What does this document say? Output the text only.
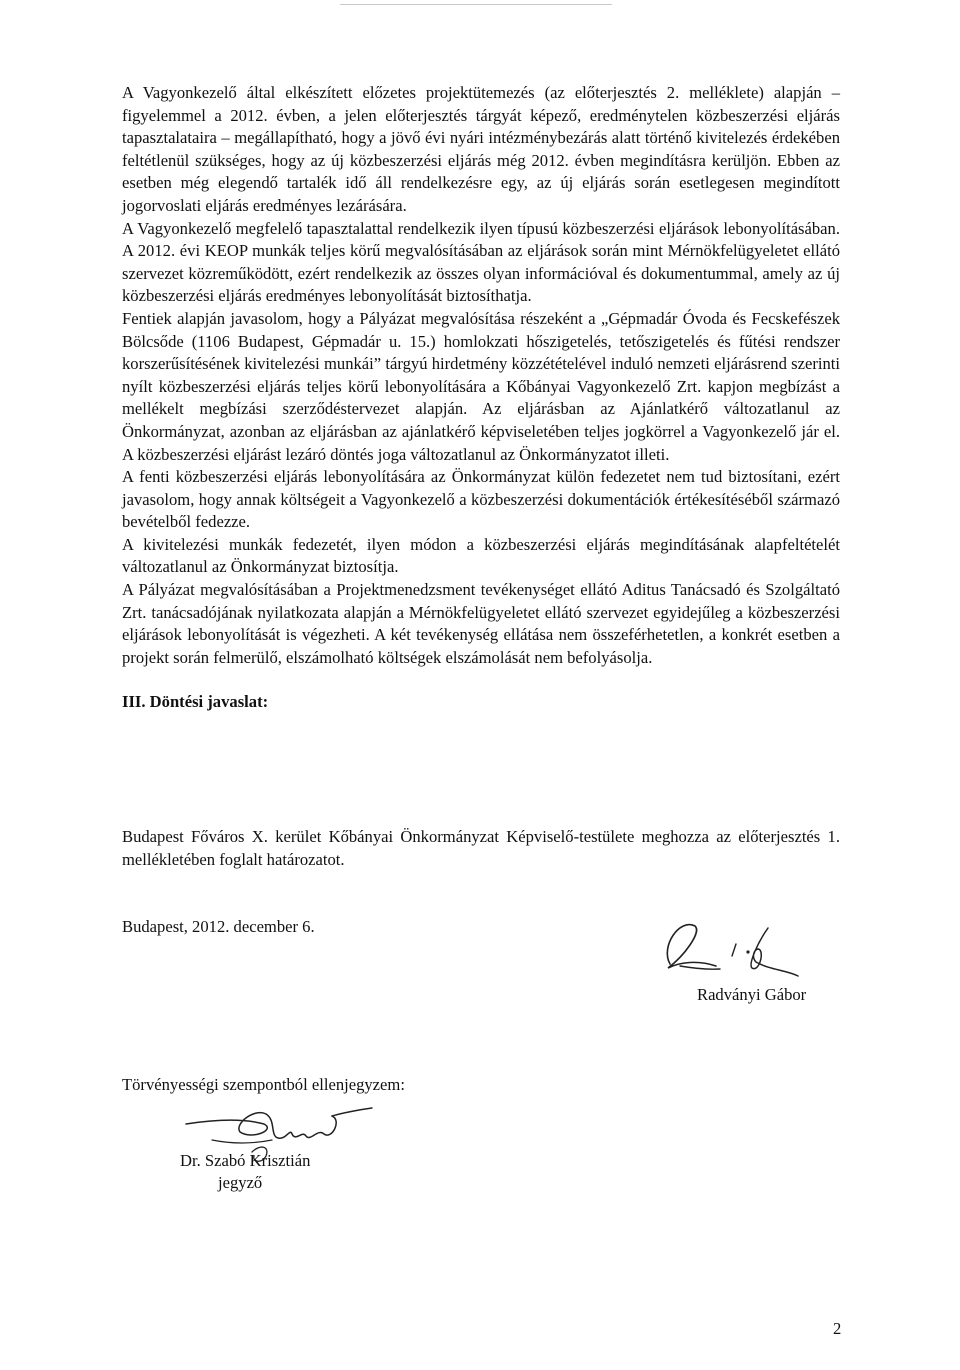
A Vagyonkezelő által elkészített előzetes projektütemezés (az előterjesztés 2. melléklete) alapján – figyelemmel a 2012. évben, a jelen előterjesztés tárgyát képező, eredménytelen közbeszerzési eljárás tapasztalataira – megállapítható, hogy a jövő évi nyári intézménybezárás alatt történő kivitelezés érdekében feltétlenül szükséges, hogy az új közbeszerzési eljárás még 2012. évben megindításra kerüljön. Ebben az esetben még elegendő tartalék idő áll rendelkezésre egy, az új eljárás során esetlegesen megindított jogorvoslati eljárás eredményes lezárására.

A Vagyonkezelő megfelelő tapasztalattal rendelkezik ilyen típusú közbeszerzési eljárások lebonyolításában. A 2012. évi KEOP munkák teljes körű megvalósításában az eljárások során mint Mérnökfelügyeletet ellátó szervezet közreműködött, ezért rendelkezik az összes olyan információval és dokumentummal, amely az új közbeszerzési eljárás eredményes lebonyolítását biztosíthatja.

Fentiek alapján javasolom, hogy a Pályázat megvalósítása részeként a „Gépmadár Óvoda és Fecskefészek Bölcsőde (1106 Budapest, Gépmadár u. 15.) homlokzati hőszigetelés, tetőszigetelés és fűtési rendszer korszerűsítésének kivitelezési munkái” tárgyú hirdetmény közzétételével induló nemzeti eljárásrend szerinti nyílt közbeszerzési eljárás teljes körű lebonyolítására a Kőbányai Vagyonkezelő Zrt. kapjon megbízást a mellékelt megbízási szerződéstervezet alapján. Az eljárásban az Ajánlatkérő változatlanul az Önkormányzat, azonban az eljárásban az ajánlatkérő képviseletében teljes jogkörrel a Vagyonkezelő jár el. A közbeszerzési eljárást lezáró döntés joga változatlanul az Önkormányzatot illeti.

A fenti közbeszerzési eljárás lebonyolítására az Önkormányzat külön fedezetet nem tud biztosítani, ezért javasolom, hogy annak költségeit a Vagyonkezelő a közbeszerzési dokumentációk értékesítéséből származó bevételből fedezze.

A kivitelezési munkák fedezetét, ilyen módon a közbeszerzési eljárás megindításának alapfeltételét változatlanul az Önkormányzat biztosítja.

A Pályázat megvalósításában a Projektmenedzsment tevékenységet ellátó Aditus Tanácsadó és Szolgáltató Zrt. tanácsadójának nyilatkozata alapján a Mérnökfelügyeletet ellátó szervezet egyidejűleg a közbeszerzési eljárások lebonyolítását is végezheti. A két tevékenység ellátása nem összeférhetetlen, a konkrét esetben a projekt során felmerülő, elszámolható költségek elszámolását nem befolyásolja.

III. Döntési javaslat:

Budapest Főváros X. kerület Kőbányai Önkormányzat Képviselő-testülete meghozza az előterjesztés 1. mellékletében foglalt határozatot.

Budapest, 2012. december 6.
Radványi Gábor
Törvényességi szempontból ellenjegyzem:
Dr. Szabó Krisztián
jegyző
2
